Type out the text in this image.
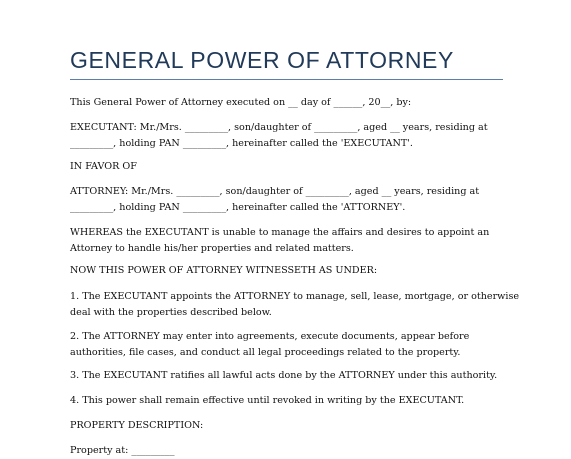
GENERAL POWER OF ATTORNEY

This General Power of Attorney executed on __ day of ______, 20__, by:

EXECUTANT: Mr./Mrs. _________, son/daughter of _________, aged __ years, residing at
_________, holding PAN _________, hereinafter called the 'EXECUTANT'.

IN FAVOR OF

ATTORNEY: Mr./Mrs. _________, son/daughter of _________, aged __ years, residing at
_________, holding PAN _________, hereinafter called the 'ATTORNEY'.

WHEREAS the EXECUTANT is unable to manage the affairs and desires to appoint an
Attorney to handle his/her properties and related matters.

NOW THIS POWER OF ATTORNEY WITNESSETH AS UNDER:

1. The EXECUTANT appoints the ATTORNEY to manage, sell, lease, mortgage, or otherwise
deal with the properties described below.

2. The ATTORNEY may enter into agreements, execute documents, appear before
authorities, file cases, and conduct all legal proceedings related to the property.

3. The EXECUTANT ratifies all lawful acts done by the ATTORNEY under this authority.

4. This power shall remain effective until revoked in writing by the EXECUTANT.

PROPERTY DESCRIPTION:

Property at: _________
